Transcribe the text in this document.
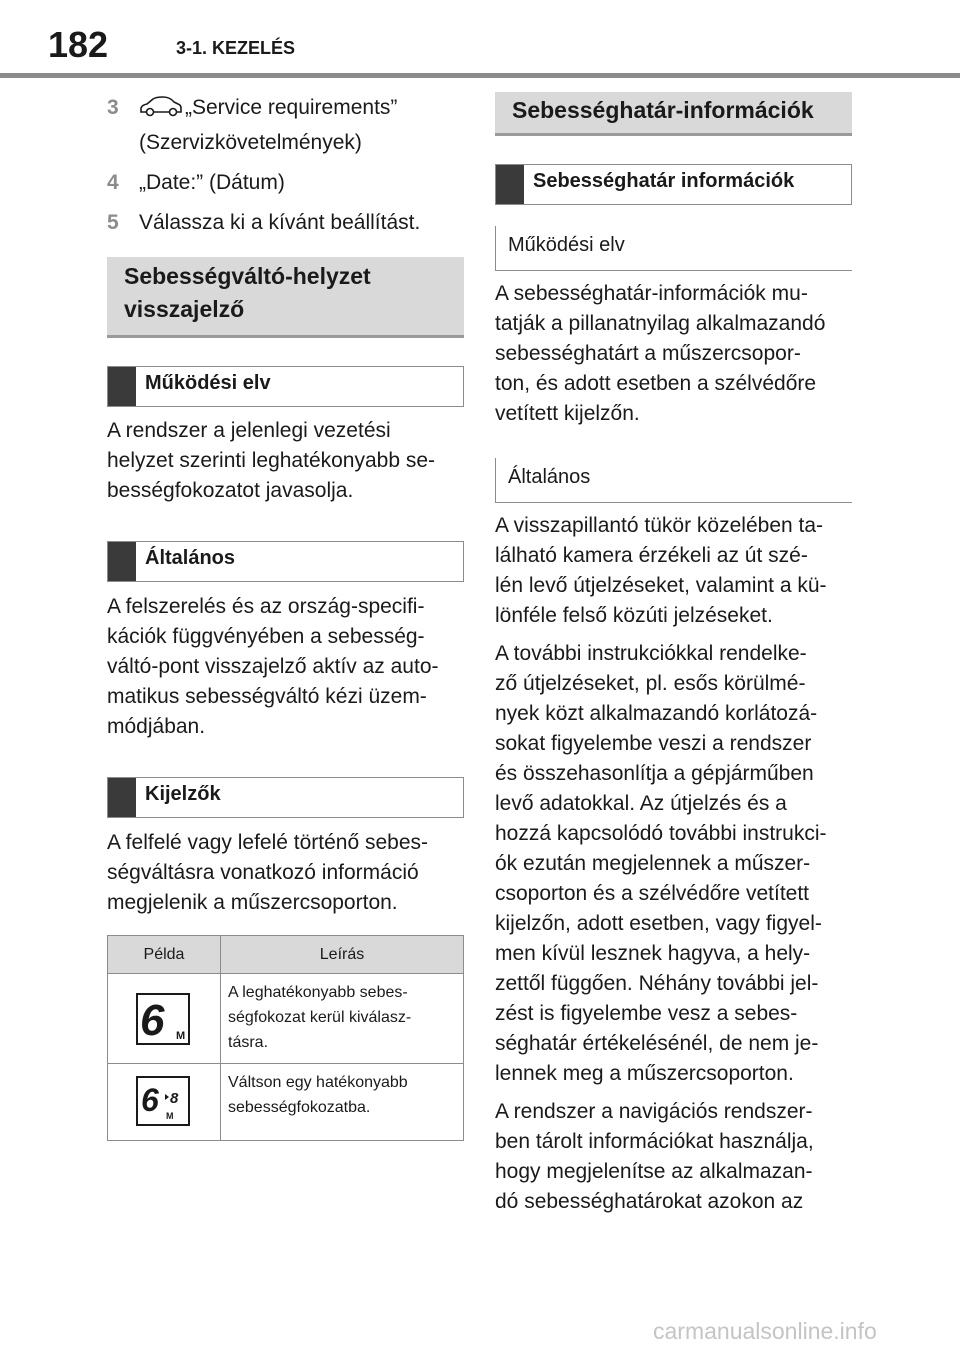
182	3-1. KEZELÉS
3	„Service requirements”
(Szervizkövetelmények)
4 „Date:” (Dátum)
5 Válassza ki a kívánt beállítást.
Sebességváltó-helyzet
visszajelző
Működési elv
A rendszer a jelenlegi vezetési
helyzet szerinti leghatékonyabb se-
bességfokozatot javasolja.
Általános
A felszerelés és az ország-specifi-
kációk függvényében a sebesség-
váltó-pont visszajelző aktív az auto-
matikus sebességváltó kézi üzem-
módjában.
Kijelzők
A felfelé vagy lefelé történő sebes-
ségváltásra vonatkozó információ
megjelenik a műszercsoporton.
Példa	Leírás

6 M	A leghatékonyabb sebes-
ségfokozat kerül kiválasz-
tásra.

6 8
M	Váltson egy hatékonyabb
sebességfokozatba.
Sebességhatár-információk
Sebességhatár információk
Működési elv
A sebességhatár-információk mu-
tatják a pillanatnyilag alkalmazandó
sebességhatárt a műszercsopor-
ton, és adott esetben a szélvédőre
vetített kijelzőn.
Általános
A visszapillantó tükör közelében ta-
lálható kamera érzékeli az út szé-
lén levő útjelzéseket, valamint a kü-
lönféle felső közúti jelzéseket.
A további instrukciókkal rendelke-
ző útjelzéseket, pl. esős körülmé-
nyek közt alkalmazandó korlátozá-
sokat figyelembe veszi a rendszer
és összehasonlítja a gépjárműben
levő adatokkal. Az útjelzés és a
hozzá kapcsolódó további instrukci-
ók ezután megjelennek a műszer-
csoporton és a szélvédőre vetített
kijelzőn, adott esetben, vagy figyel-
men kívül lesznek hagyva, a hely-
zettől függően. Néhány további jel-
zést is figyelembe vesz a sebes-
séghatár értékelésénél, de nem je-
lennek meg a műszercsoporton.
A rendszer a navigációs rendszer-
ben tárolt információkat használja,
hogy megjelenítse az alkalmazan-
dó sebességhatárokat azokon az
carmanualsonline.info
